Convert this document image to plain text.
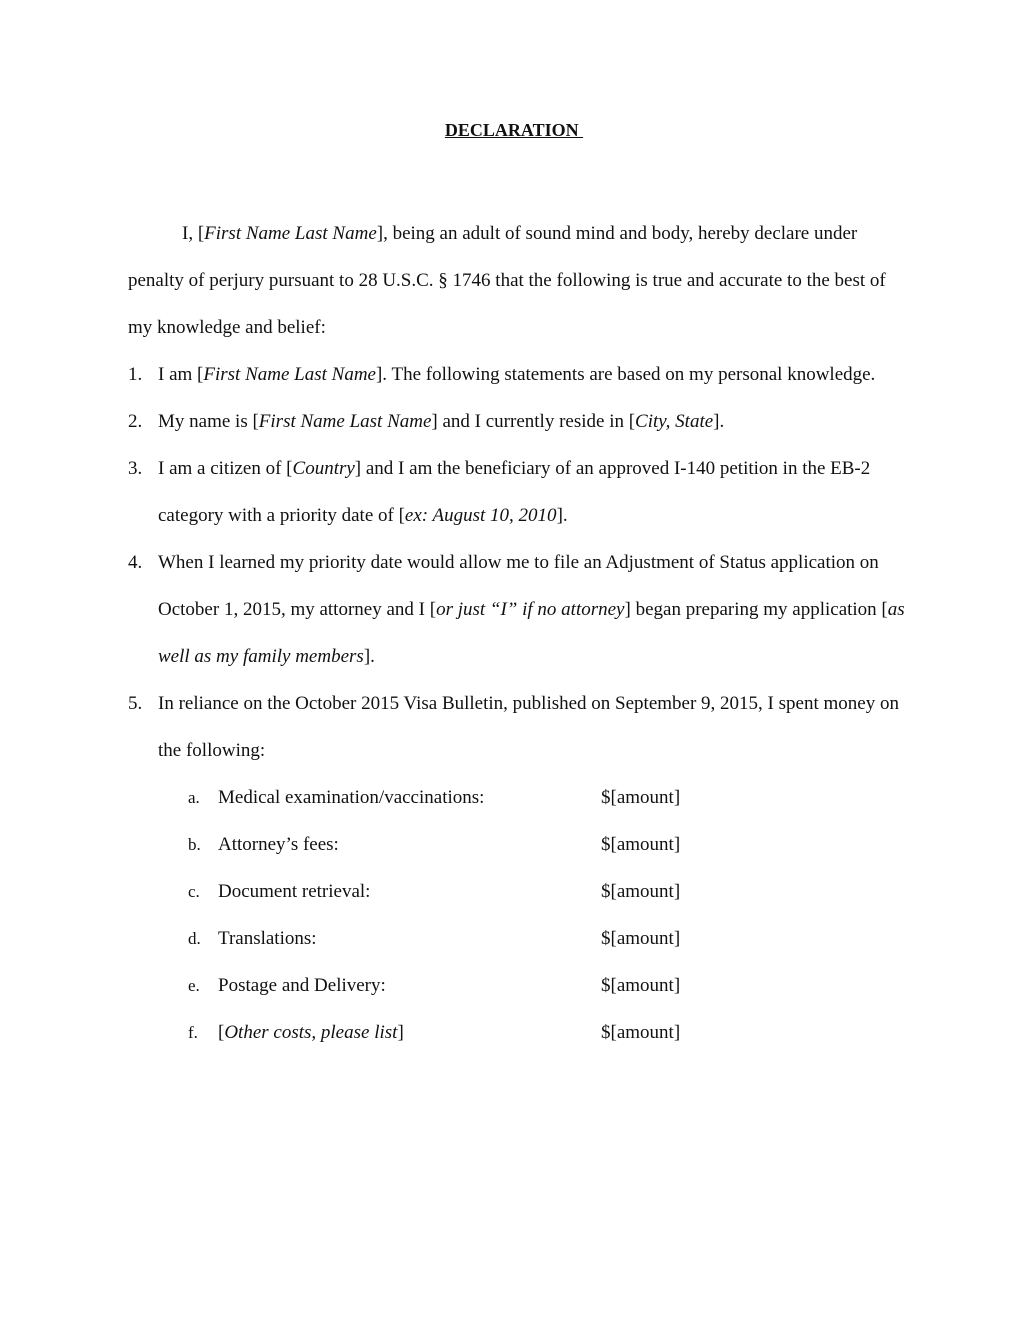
DECLARATION

I, [First Name Last Name], being an adult of sound mind and body, hereby declare under penalty of perjury pursuant to 28 U.S.C. § 1746 that the following is true and accurate to the best of my knowledge and belief:

1. I am [First Name Last Name]. The following statements are based on my personal knowledge.
2. My name is [First Name Last Name] and I currently reside in [City, State].
3. I am a citizen of [Country] and I am the beneficiary of an approved I-140 petition in the EB-2 category with a priority date of [ex: August 10, 2010].
4. When I learned my priority date would allow me to file an Adjustment of Status application on October 1, 2015, my attorney and I [or just “I” if no attorney] began preparing my application [as well as my family members].
5. In reliance on the October 2015 Visa Bulletin, published on September 9, 2015, I spent money on the following:
a. Medical examination/vaccinations:	$[amount]
b. Attorney’s fees:	$[amount]
c. Document retrieval:	$[amount]
d. Translations:	$[amount]
e. Postage and Delivery:	$[amount]
f. [Other costs, please list]	$[amount]
